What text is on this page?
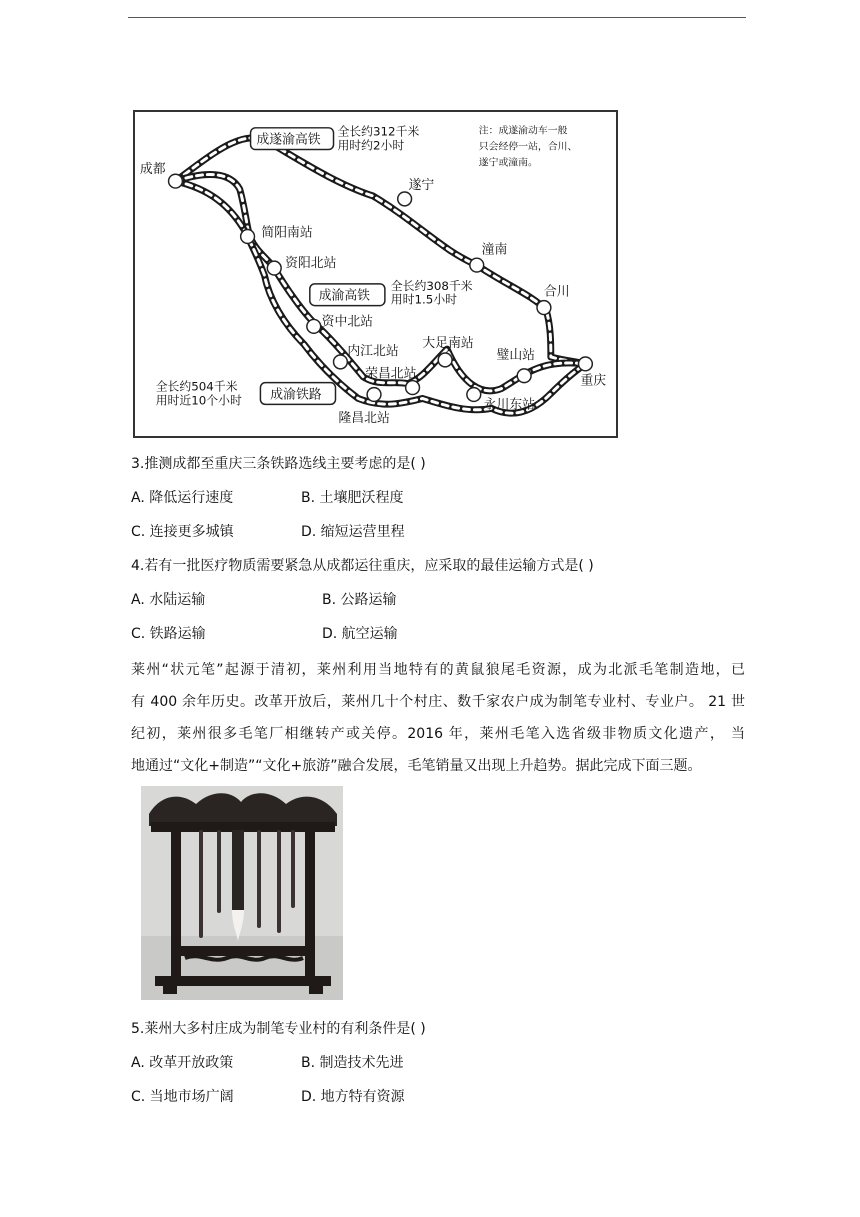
成都
遂宁
潼南
合川
重庆
简阳南站
资阳北站
资中北站
内江北站
荣昌北站
隆昌北站
大足南站
璧山站
永川东站
成遂渝高铁
全长约312千米
用时约2小时
成渝高铁
全长约308千米
用时1.5小时
成渝铁路
全长约504千米
用时近10个小时
注：成遂渝动车一般
只会经停一站，合川、
遂宁或潼南。
3.推测成都至重庆三条铁路选线主要考虑的是( )
A. 降低运行速度	B. 土壤肥沃程度
C. 连接更多城镇	D. 缩短运营里程
4.若有一批医疗物质需要紧急从成都运往重庆，应采取的最佳运输方式是( )
A. 水陆运输	B. 公路运输
C. 铁路运输	D. 航空运输
莱州“状元笔”起源于清初，莱州利用当地特有的黄鼠狼尾毛资源，成为北派毛笔制造地，已
有 400 余年历史。改革开放后，莱州几十个村庄、数千家农户成为制笔专业村、专业户。 21 世
纪初，莱州很多毛笔厂相继转产或关停。2016 年，莱州毛笔入选省级非物质文化遗产， 当
地通过“文化+制造”“文化+旅游”融合发展，毛笔销量又出现上升趋势。据此完成下面三题。
5.莱州大多村庄成为制笔专业村的有利条件是( )
A. 改革开放政策	B. 制造技术先进
C. 当地市场广阔	D. 地方特有资源
